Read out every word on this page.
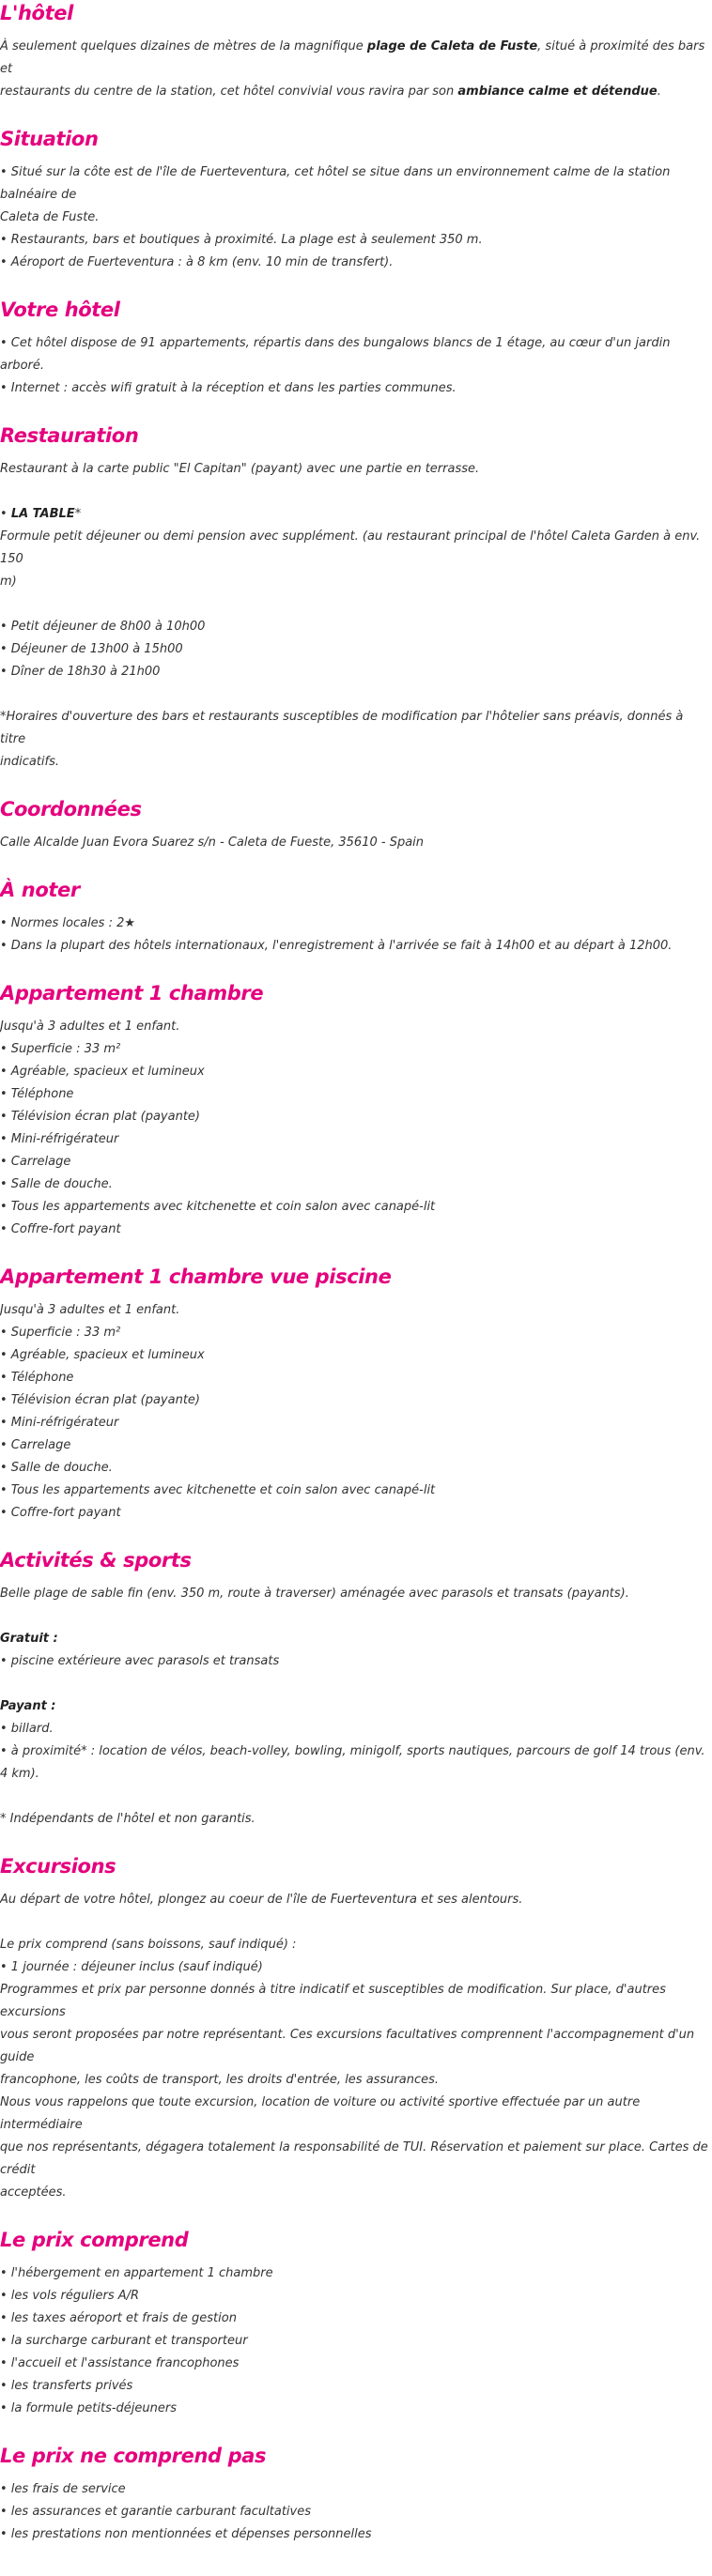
L'hôtel

À seulement quelques dizaines de mètres de la magnifique plage de Caleta de Fuste, situé à proximité des bars et

restaurants du centre de la station, cet hôtel convivial vous ravira par son ambiance calme et détendue.

Situation

• Situé sur la côte est de l'île de Fuerteventura, cet hôtel se situe dans un environnement calme de la station balnéaire de

Caleta de Fuste.

• Restaurants, bars et boutiques à proximité. La plage est à seulement 350 m.

• Aéroport de Fuerteventura : à 8 km (env. 10 min de transfert).

Votre hôtel

• Cet hôtel dispose de 91 appartements, répartis dans des bungalows blancs de 1 étage, au cœur d'un jardin arboré.

• Internet : accès wifi gratuit à la réception et dans les parties communes.

Restauration

Restaurant à la carte public "El Capitan" (payant) avec une partie en terrasse.

• LA TABLE*

Formule petit déjeuner ou demi pension avec supplément. (au restaurant principal de l'hôtel Caleta Garden à env. 150

m)

• Petit déjeuner de 8h00 à 10h00

• Déjeuner de 13h00 à 15h00

• Dîner de 18h30 à 21h00

*Horaires d'ouverture des bars et restaurants susceptibles de modification par l'hôtelier sans préavis, donnés à titre

indicatifs.

Coordonnées

Calle Alcalde Juan Evora Suarez s/n - Caleta de Fueste, 35610 - Spain

À noter

• Normes locales : 2★

• Dans la plupart des hôtels internationaux, l'enregistrement à l'arrivée se fait à 14h00 et au départ à 12h00.

Appartement 1 chambre

Jusqu'à 3 adultes et 1 enfant.

• Superficie : 33 m²

• Agréable, spacieux et lumineux

• Téléphone

• Télévision écran plat (payante)

• Mini-réfrigérateur

• Carrelage

• Salle de douche.

• Tous les appartements avec kitchenette et coin salon avec canapé-lit

• Coffre-fort payant

Appartement 1 chambre vue piscine

Jusqu'à 3 adultes et 1 enfant.

• Superficie : 33 m²

• Agréable, spacieux et lumineux

• Téléphone

• Télévision écran plat (payante)

• Mini-réfrigérateur

• Carrelage

• Salle de douche.

• Tous les appartements avec kitchenette et coin salon avec canapé-lit

• Coffre-fort payant

Activités & sports

Belle plage de sable fin (env. 350 m, route à traverser) aménagée avec parasols et transats (payants).

Gratuit :

• piscine extérieure avec parasols et transats

Payant :

• billard.

• à proximité* : location de vélos, beach-volley, bowling, minigolf, sports nautiques, parcours de golf 14 trous (env. 4 km).

* Indépendants de l'hôtel et non garantis.

Excursions

Au départ de votre hôtel, plongez au coeur de l'île de Fuerteventura et ses alentours.

Le prix comprend (sans boissons, sauf indiqué) :

• 1 journée : déjeuner inclus (sauf indiqué)

Programmes et prix par personne donnés à titre indicatif et susceptibles de modification. Sur place, d'autres excursions

vous seront proposées par notre représentant. Ces excursions facultatives comprennent l'accompagnement d'un guide

francophone, les coûts de transport, les droits d'entrée, les assurances.

Nous vous rappelons que toute excursion, location de voiture ou activité sportive effectuée par un autre intermédiaire

que nos représentants, dégagera totalement la responsabilité de TUI. Réservation et paiement sur place. Cartes de crédit

acceptées.

Le prix comprend

• l'hébergement en appartement 1 chambre

• les vols réguliers A/R

• les taxes aéroport et frais de gestion

• la surcharge carburant et transporteur

• l'accueil et l'assistance francophones

• les transferts privés

• la formule petits-déjeuners

Le prix ne comprend pas

• les frais de service

• les assurances et garantie carburant facultatives

• les prestations non mentionnées et dépenses personnelles
